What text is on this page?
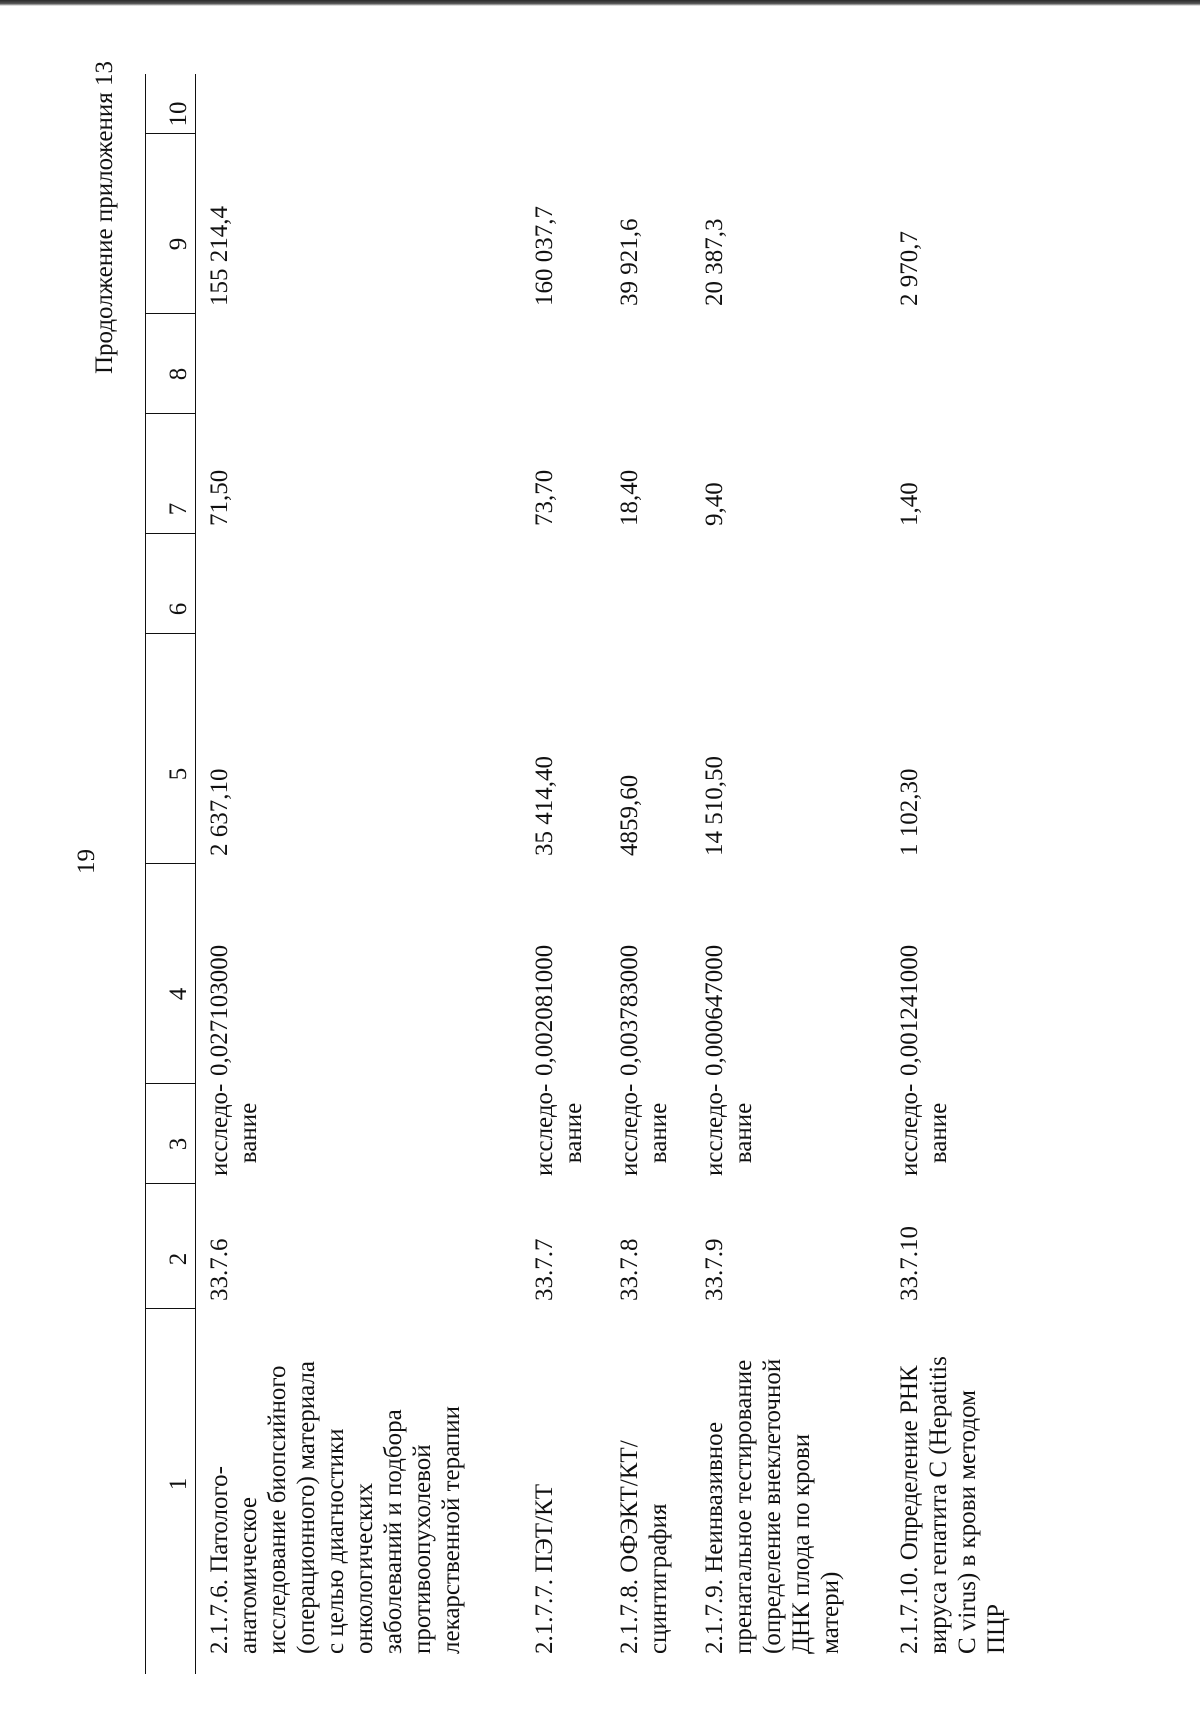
19
Продолжение приложения 13
1
2
3
4
5
6
7
8
9
10
2.1.7.6. Патолого-анатомическое исследование биопсийного (операционного) материала с целью диагностики онкологических заболеваний и подбора противоопухолевой лекарственной терапии
33.7.6
исследо-вание
0,027103000
2 637,10
71,50
155 214,4
2.1.7.7. ПЭТ/КТ
33.7.7
исследо-вание
0,002081000
35 414,40
73,70
160 037,7
2.1.7.8. ОФЭКТ/КТ/ сцинтиграфия
33.7.8
исследо-вание
0,003783000
4859,60
18,40
39 921,6
2.1.7.9. Неинвазивное пренатальное тестирование (определение внеклеточной ДНК плода по крови матери)
33.7.9
исследо-вание
0,000647000
14 510,50
9,40
20 387,3
2.1.7.10. Определение РНК вируса гепатита С (Hepatitis C virus) в крови методом ПЦР
33.7.10
исследо-вание
0,001241000
1 102,30
1,40
2 970,7
